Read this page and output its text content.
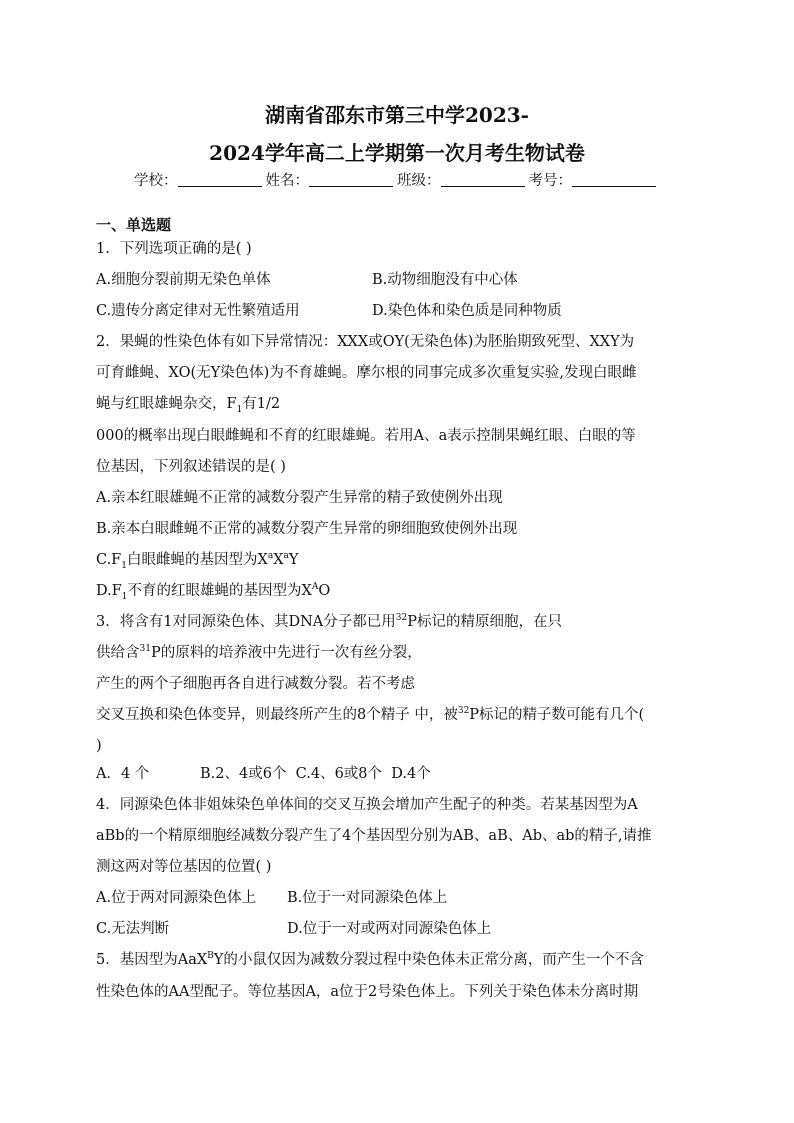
湖南省邵东市第三中学2023-
2024学年高二上学期第一次月考生物试卷
学校：	姓名：	班级：	考号：
一、单选题
1．下列选项正确的是( )
A.细胞分裂前期无染色单体	B.动物细胞没有中心体
C.遗传分离定律对无性繁殖适用	D.染色体和染色质是同种物质
2．果蝇的性染色体有如下异常情况：XXX或OY(无染色体)为胚胎期致死型、XXY为
可育雌蝇、XO(无Y染色体)为不育雄蝇。摩尔根的同事完成多次重复实验,发现白眼雌
蝇与红眼雄蝇杂交，$F_1$有1/2
000的概率出现白眼雌蝇和不育的红眼雄蝇。若用A、a表示控制果蝇红眼、白眼的等
位基因，下列叙述错误的是( )
A.亲本红眼雄蝇不正常的减数分裂产生异常的精子致使例外出现
B.亲本白眼雌蝇不正常的减数分裂产生异常的卵细胞致使例外出现
$C.F_1$白眼雌蝇的基因型为$X^aX^aY$
$D.F_1$不育的红眼雄蝇的基因型为$X^AO$
3．将含有1对同源染色体、其DNA分子都已用$^{32}$P标记的精原细胞，在只
供给含$^{31}$P的原料的培养液中先进行一次有丝分裂，
产生的两个子细胞再各自进行减数分裂。若不考虑
交叉互换和染色体变异，则最终所产生的8个精子 中，被$^{32}$P标记的精子数可能有几个(
)
A．4 个           B.2、4或6个  C.4、6或8个  D.4个
4．同源染色体非姐妹染色单体间的交叉互换会增加产生配子的种类。若某基因型为A
aBb的一个精原细胞经减数分裂产生了4个基因型分别为AB、aB、Ab、ab的精子,请推
测这两对等位基因的位置( )
A.位于两对同源染色体上 B.位于一对同源染色体上
C.无法判断	D.位于一对或两对同源染色体上
5．基因型为AaX$^B$Y的小鼠仅因为减数分裂过程中染色体未正常分离，而产生一个不含
性染色体的AA型配子。等位基因A，a位于2号染色体上。下列关于染色体未分离时期
